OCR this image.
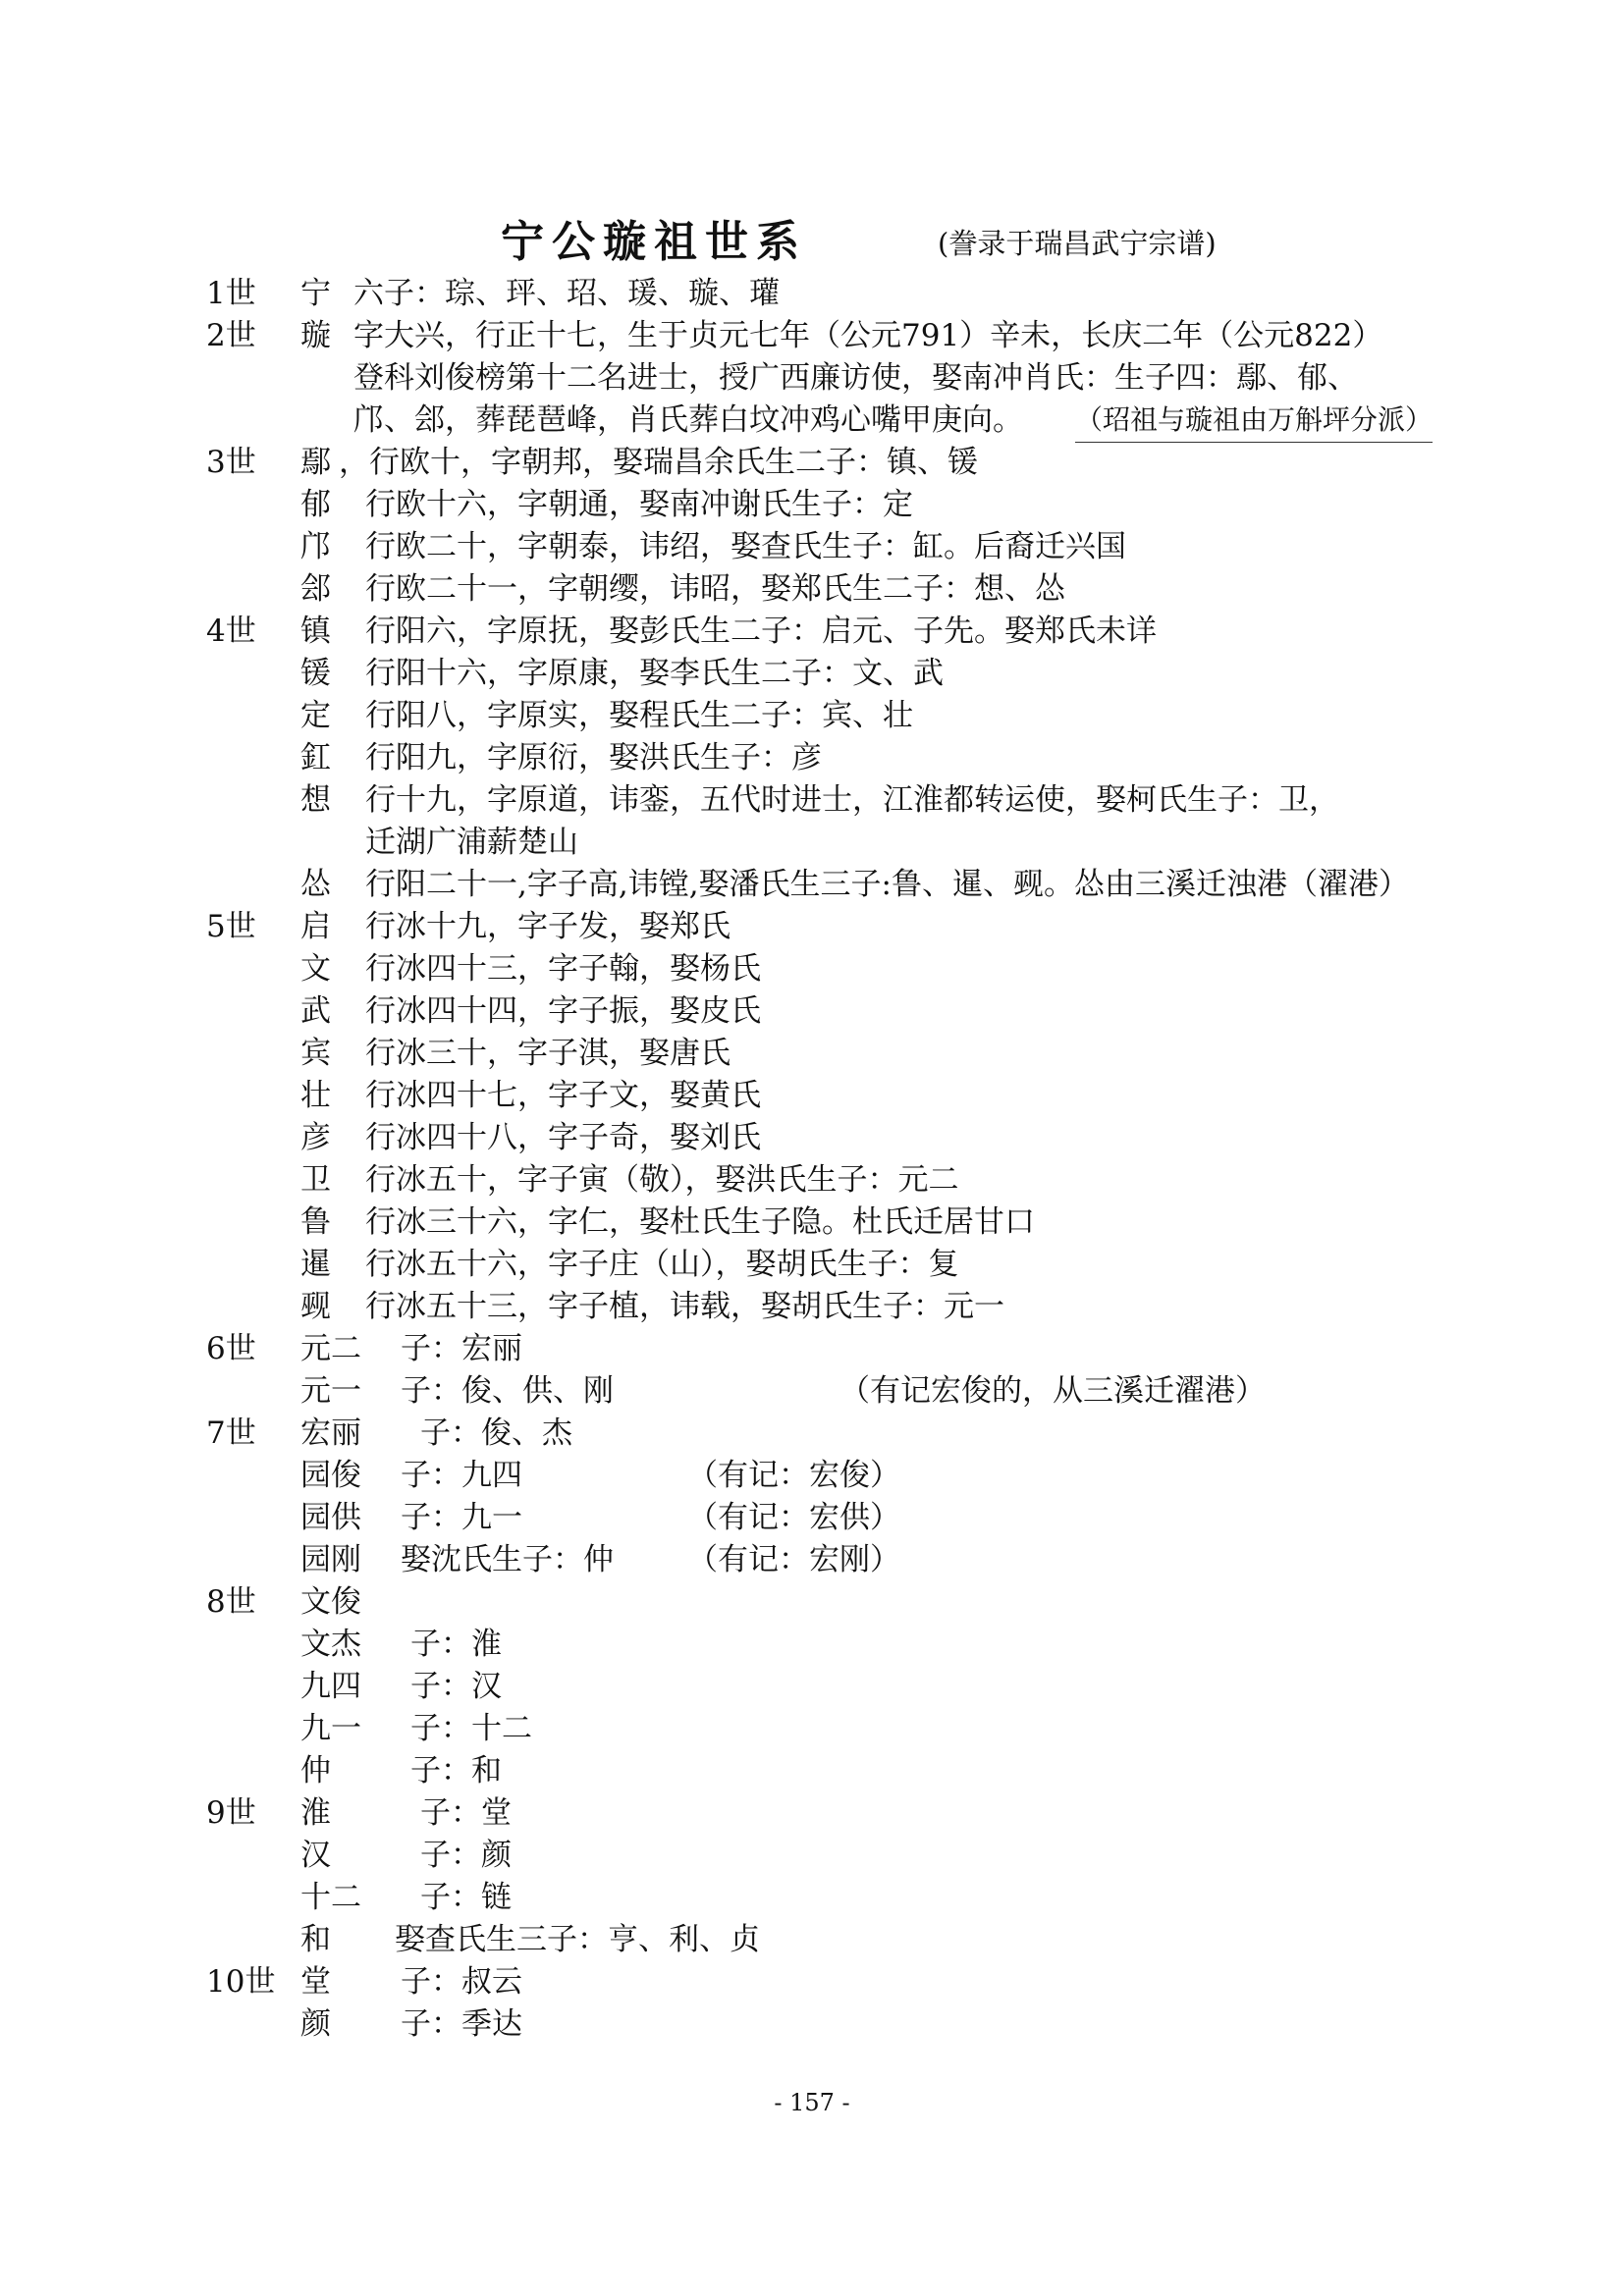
宁公璇祖世系	(誊录于瑞昌武宁宗谱)
1世 宁 六子：琮、玶、玿、瑗、璇、瓘
2世 璇 字大兴，行正十七，生于贞元七年（公元791）辛未，长庆二年（公元822）
登科刘俊榜第十二名进士，授广西廉访使，娶南冲肖氏：生子四：鄢、郁、
邝、郐，葬琵琶峰，肖氏葬白坟冲鸡心嘴甲庚向。 （玿祖与璇祖由万斛坪分派）
3世 鄢 ，行欧十，字朝邦，娶瑞昌余氏生二子：镇、锾
郁 行欧十六，字朝通，娶南冲谢氏生子：定
邝 行欧二十，字朝泰，讳绍，娶查氏生子：缸。后裔迁兴国
郐 行欧二十一，字朝缨，讳昭，娶郑氏生二子：想、怂
4世 镇 行阳六，字原抚，娶彭氏生二子：启元、子先。娶郑氏未详
锾 行阳十六，字原康，娶李氏生二子：文、武
定 行阳八，字原实，娶程氏生二子：宾、壮
釭 行阳九，字原衍，娶洪氏生子：彦
想 行十九，字原道，讳銮，五代时进士，江淮都转运使，娶柯氏生子：卫，
迁湖广浦薪楚山
怂 行阳二十一,字子高,讳镗,娶潘氏生三子:鲁、暹、觋。怂由三溪迁浊港（濯港）
5世 启 行冰十九，字子发，娶郑氏
文 行冰四十三，字子翰，娶杨氏
武 行冰四十四，字子振，娶皮氏
宾 行冰三十，字子淇，娶唐氏
壮 行冰四十七，字子文，娶黄氏
彦 行冰四十八，字子奇，娶刘氏
卫 行冰五十，字子寅（敬），娶洪氏生子：元二
鲁 行冰三十六，字仁，娶杜氏生子隐。杜氏迁居甘口
暹 行冰五十六，字子庄（山），娶胡氏生子：复
觋 行冰五十三，字子植，讳载，娶胡氏生子：元一
6世 元二 子：宏丽
元一 子：俊、供、刚	（有记宏俊的，从三溪迁濯港）
7世 宏丽 子：俊、杰
园俊 子：九四	（有记：宏俊）
园供 子：九一	（有记：宏供）
园刚 娶沈氏生子：仲 （有记：宏刚）
8世 文俊
文杰 子：淮
九四 子：汉
九一 子：十二
仲	子：和
9世 淮	子：堂
汉	子：颜
十二 子：链
和 娶查氏生三子：亨、利、贞
10世 堂 子：叔云
颜 子：季达
- 157 -
